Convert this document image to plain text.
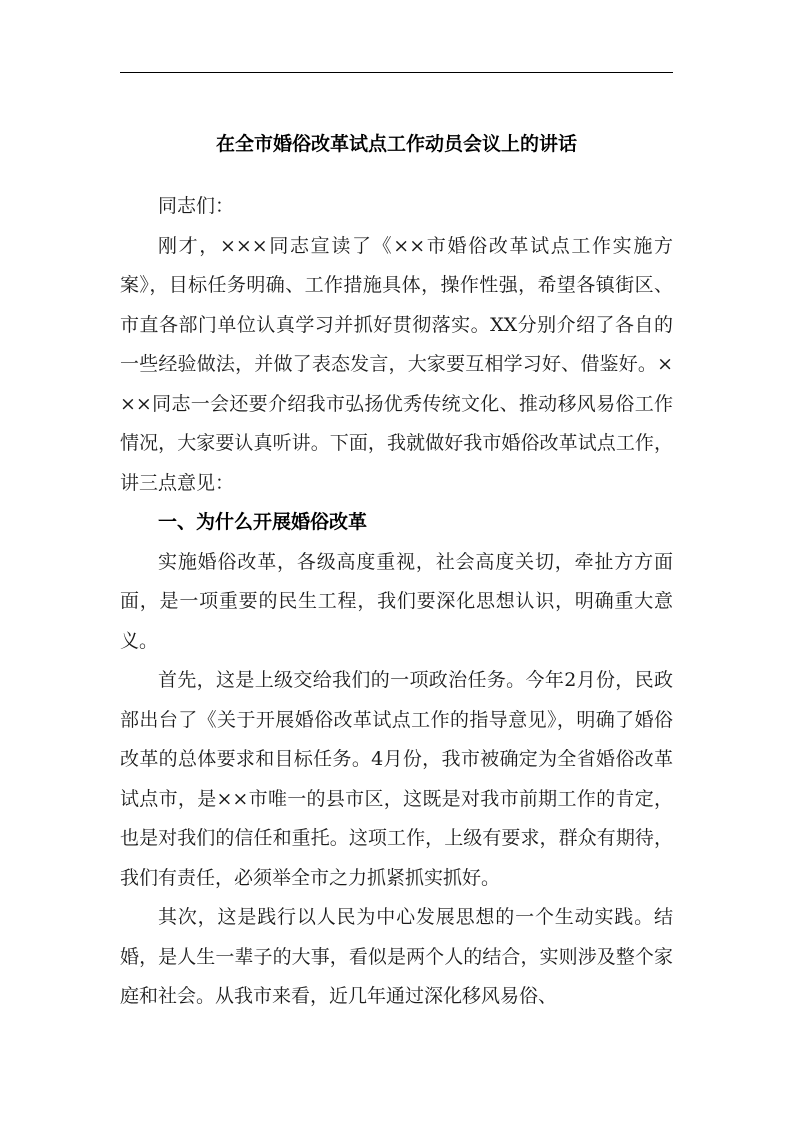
在全市婚俗改革试点工作动员会议上的讲话

同志们：

刚才，×××同志宣读了《××市婚俗改革试点工作实施方案》，目标任务明确、工作措施具体，操作性强，希望各镇街区、市直各部门单位认真学习并抓好贯彻落实。XX分别介绍了各自的一些经验做法，并做了表态发言，大家要互相学习好、借鉴好。×××同志一会还要介绍我市弘扬优秀传统文化、推动移风易俗工作情况，大家要认真听讲。下面，我就做好我市婚俗改革试点工作，讲三点意见：

一、为什么开展婚俗改革

实施婚俗改革，各级高度重视，社会高度关切，牵扯方方面面，是一项重要的民生工程，我们要深化思想认识，明确重大意义。

首先，这是上级交给我们的一项政治任务。今年2月份，民政部出台了《关于开展婚俗改革试点工作的指导意见》，明确了婚俗改革的总体要求和目标任务。4月份，我市被确定为全省婚俗改革试点市，是××市唯一的县市区，这既是对我市前期工作的肯定，也是对我们的信任和重托。这项工作，上级有要求，群众有期待，我们有责任，必须举全市之力抓紧抓实抓好。

其次，这是践行以人民为中心发展思想的一个生动实践。结婚，是人生一辈子的大事，看似是两个人的结合，实则涉及整个家庭和社会。从我市来看，近几年通过深化移风易俗、
